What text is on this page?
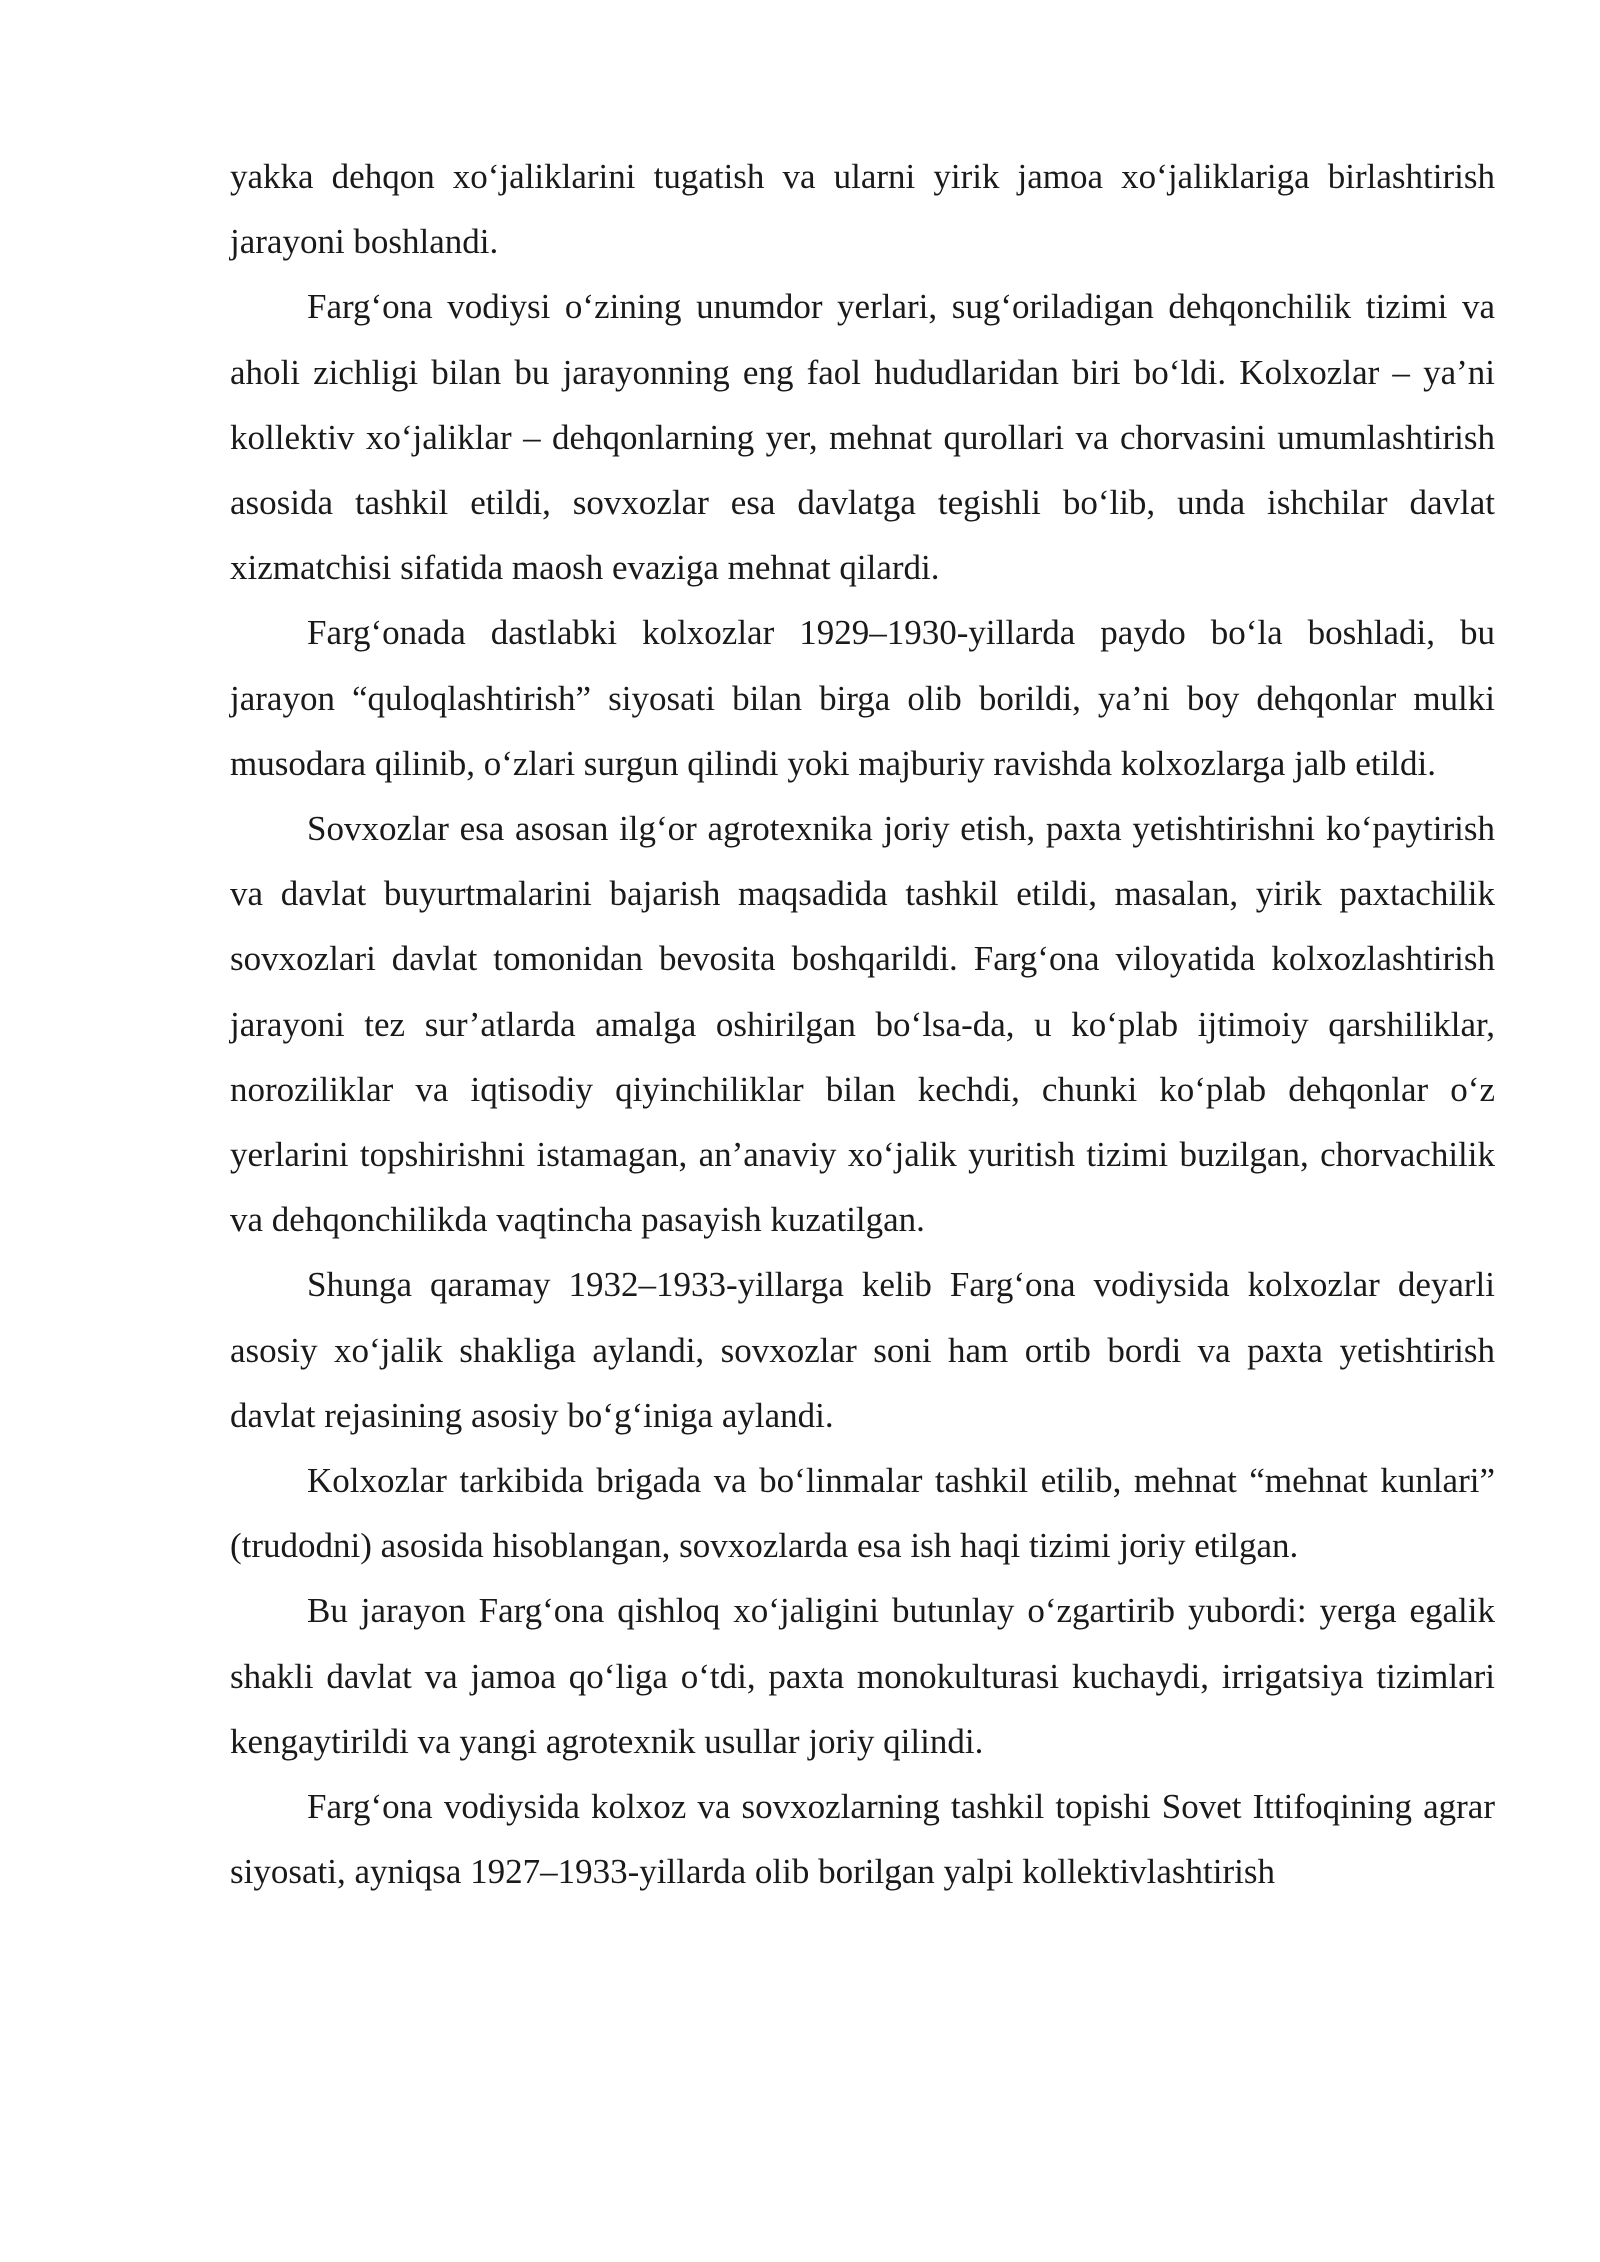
yakka dehqon xo‘jaliklarini tugatish va ularni yirik jamoa xo‘jaliklariga birlashtirish jarayoni boshlandi.

Farg‘ona vodiysi o‘zining unumdor yerlari, sug‘oriladigan dehqonchilik tizimi va aholi zichligi bilan bu jarayonning eng faol hududlaridan biri bo‘ldi. Kolxozlar – ya’ni kollektiv xo‘jaliklar – dehqonlarning yer, mehnat qurollari va chorvasini umumlashtirish asosida tashkil etildi, sovxozlar esa davlatga tegishli bo‘lib, unda ishchilar davlat xizmatchisi sifatida maosh evaziga mehnat qilardi.

Farg‘onada dastlabki kolxozlar 1929–1930-yillarda paydo bo‘la boshladi, bu jarayon “quloqlashtirish” siyosati bilan birga olib borildi, ya’ni boy dehqonlar mulki musodara qilinib, o‘zlari surgun qilindi yoki majburiy ravishda kolxozlarga jalb etildi.

Sovxozlar esa asosan ilg‘or agrotexnika joriy etish, paxta yetishtirishni ko‘paytirish va davlat buyurtmalarini bajarish maqsadida tashkil etildi, masalan, yirik paxtachilik sovxozlari davlat tomonidan bevosita boshqarildi. Farg‘ona viloyatida kolxozlashtirish jarayoni tez sur’atlarda amalga oshirilgan bo‘lsa-da, u ko‘plab ijtimoiy qarshiliklar, noroziliklar va iqtisodiy qiyinchiliklar bilan kechdi, chunki ko‘plab dehqonlar o‘z yerlarini topshirishni istamagan, an’anaviy xo‘jalik yuritish tizimi buzilgan, chorvachilik va dehqonchilikda vaqtincha pasayish kuzatilgan.

Shunga qaramay 1932–1933-yillarga kelib Farg‘ona vodiysida kolxozlar deyarli asosiy xo‘jalik shakliga aylandi, sovxozlar soni ham ortib bordi va paxta yetishtirish davlat rejasining asosiy bo‘g‘iniga aylandi.

Kolxozlar tarkibida brigada va bo‘linmalar tashkil etilib, mehnat “mehnat kunlari” (trudodni) asosida hisoblangan, sovxozlarda esa ish haqi tizimi joriy etilgan.

Bu jarayon Farg‘ona qishloq xo‘jaligini butunlay o‘zgartirib yubordi: yerga egalik shakli davlat va jamoa qo‘liga o‘tdi, paxta monokulturasi kuchaydi, irrigatsiya tizimlari kengaytirildi va yangi agrotexnik usullar joriy qilindi.

Farg‘ona vodiysida kolxoz va sovxozlarning tashkil topishi Sovet Ittifoqining agrar siyosati, ayniqsa 1927–1933-yillarda olib borilgan yalpi kollektivlashtirish
